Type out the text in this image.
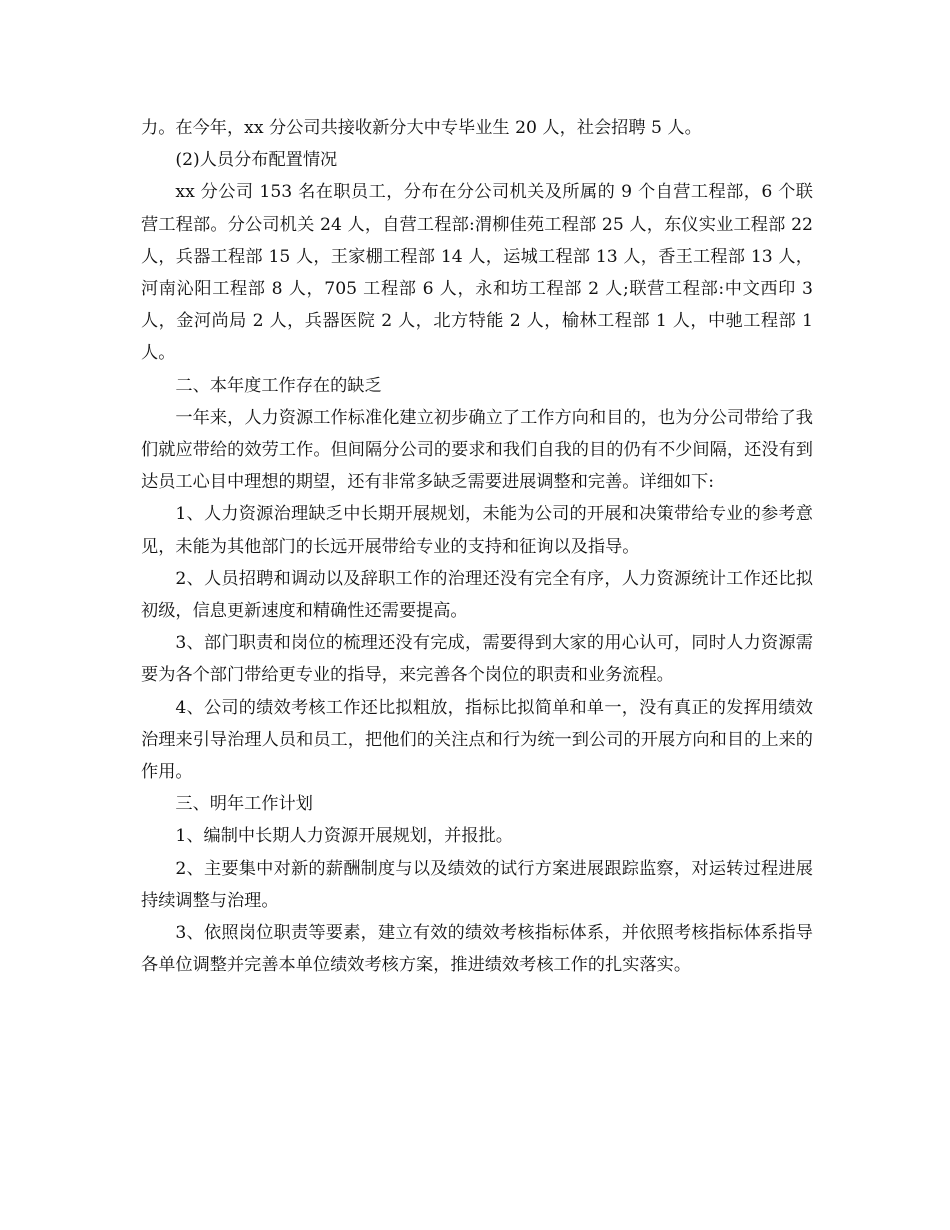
力。在今年，xx 分公司共接收新分大中专毕业生 20 人，社会招聘 5 人。

(2)人员分布配置情况

xx 分公司 153 名在职员工，分布在分公司机关及所属的 9 个自营工程部，6 个联营工程部。分公司机关 24 人，自营工程部:渭柳佳苑工程部 25 人，东仪实业工程部 22 人，兵器工程部 15 人，王家棚工程部 14 人，运城工程部 13 人，香王工程部 13 人，河南沁阳工程部 8 人，705 工程部 6 人，永和坊工程部 2 人;联营工程部:中文西印 3 人，金河尚局 2 人，兵器医院 2 人，北方特能 2 人，榆林工程部 1 人，中驰工程部 1 人。

二、本年度工作存在的缺乏

一年来，人力资源工作标准化建立初步确立了工作方向和目的，也为分公司带给了我们就应带给的效劳工作。但间隔分公司的要求和我们自我的目的仍有不少间隔，还没有到达员工心目中理想的期望，还有非常多缺乏需要进展调整和完善。详细如下:

1、人力资源治理缺乏中长期开展规划，未能为公司的开展和决策带给专业的参考意见，未能为其他部门的长远开展带给专业的支持和征询以及指导。

2、人员招聘和调动以及辞职工作的治理还没有完全有序，人力资源统计工作还比拟初级，信息更新速度和精确性还需要提高。

3、部门职责和岗位的梳理还没有完成，需要得到大家的用心认可，同时人力资源需要为各个部门带给更专业的指导，来完善各个岗位的职责和业务流程。

4、公司的绩效考核工作还比拟粗放，指标比拟简单和单一，没有真正的发挥用绩效治理来引导治理人员和员工，把他们的关注点和行为统一到公司的开展方向和目的上来的作用。

三、明年工作计划

1、编制中长期人力资源开展规划，并报批。

2、主要集中对新的薪酬制度与以及绩效的试行方案进展跟踪监察，对运转过程进展持续调整与治理。

3、依照岗位职责等要素，建立有效的绩效考核指标体系，并依照考核指标体系指导各单位调整并完善本单位绩效考核方案，推进绩效考核工作的扎实落实。
